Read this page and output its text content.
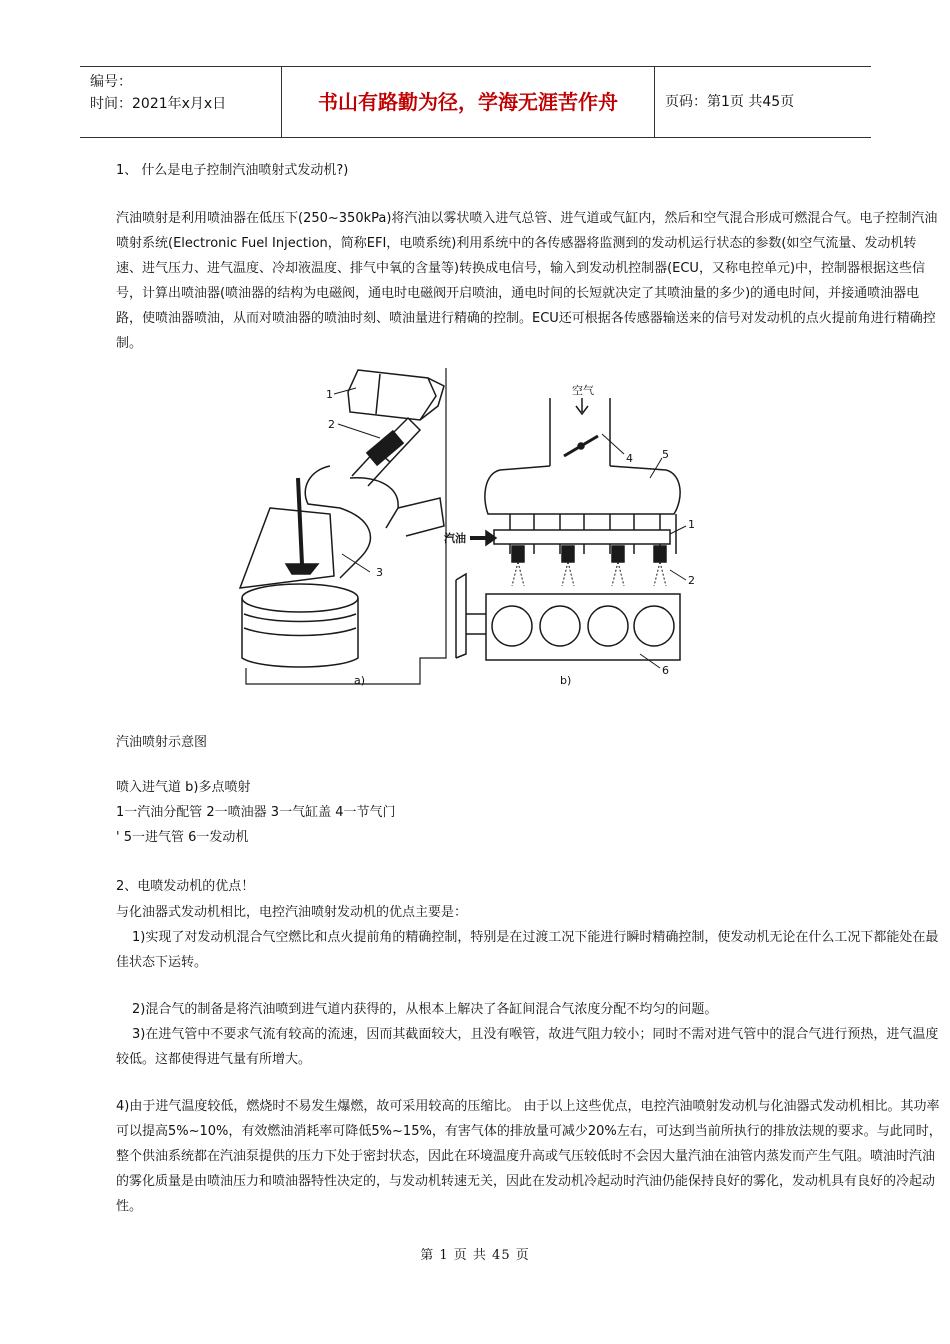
编号：
时间：2021年x月x日	书山有路勤为径，学海无涯苦作舟	页码：第1页 共45页

1、 什么是电子控制汽油喷射式发动机?)

汽油喷射是利用喷油器在低压下(250~350kPa)将汽油以雾状喷入进气总管、进气道或气缸内，然后和空气混合形成可燃混合气。电子控制汽油喷射系统(Electronic Fuel Injection，简称EFI，电喷系统)利用系统中的各传感器将监测到的发动机运行状态的参数(如空气流量、发动机转速、进气压力、进气温度、冷却液温度、排气中氧的含量等)转换成电信号，输入到发动机控制器(ECU，又称电控单元)中，控制器根据这些信号，计算出喷油器(喷油器的结构为电磁阀，通电时电磁阀开启喷油，通电时间的长短就决定了其喷油量的多少)的通电时间，并接通喷油器电路，使喷油器喷油，从而对喷油器的喷油时刻、喷油量进行精确的控制。ECU还可根据各传感器输送来的信号对发动机的点火提前角进行精确控制。

1
2
3
a)
空气
4	5
1
汽油
2
6
b)

汽油喷射示意图

喷入进气道 b)多点喷射

1一汽油分配管 2一喷油器 3一气缸盖 4一节气门

' 5一进气管 6一发动机

2、电喷发动机的优点！

与化油器式发动机相比，电控汽油喷射发动机的优点主要是：

1)实现了对发动机混合气空燃比和点火提前角的精确控制，特别是在过渡工况下能进行瞬时精确控制，使发动机无论在什么工况下都能处在最佳状态下运转。

2)混合气的制备是将汽油喷到进气道内获得的，从根本上解决了各缸间混合气浓度分配不均匀的问题。

3)在进气管中不要求气流有较高的流速，因而其截面较大，且没有喉管，故进气阻力较小；同时不需对进气管中的混合气进行预热，进气温度较低。这都使得进气量有所增大。

4)由于进气温度较低，燃烧时不易发生爆燃，故可采用较高的压缩比。 由于以上这些优点，电控汽油喷射发动机与化油器式发动机相比。其功率可以提高5%~10%，有效燃油消耗率可降低5%~15%，有害气体的排放量可减少20%左右，可达到当前所执行的排放法规的要求。与此同时，整个供油系统都在汽油泵提供的压力下处于密封状态，因此在环境温度升高或气压较低时不会因大量汽油在油管内蒸发而产生气阻。喷油时汽油的雾化质量是由喷油压力和喷油器特性决定的，与发动机转速无关，因此在发动机冷起动时汽油仍能保持良好的雾化，发动机具有良好的冷起动性。

第 1 页 共 45 页
